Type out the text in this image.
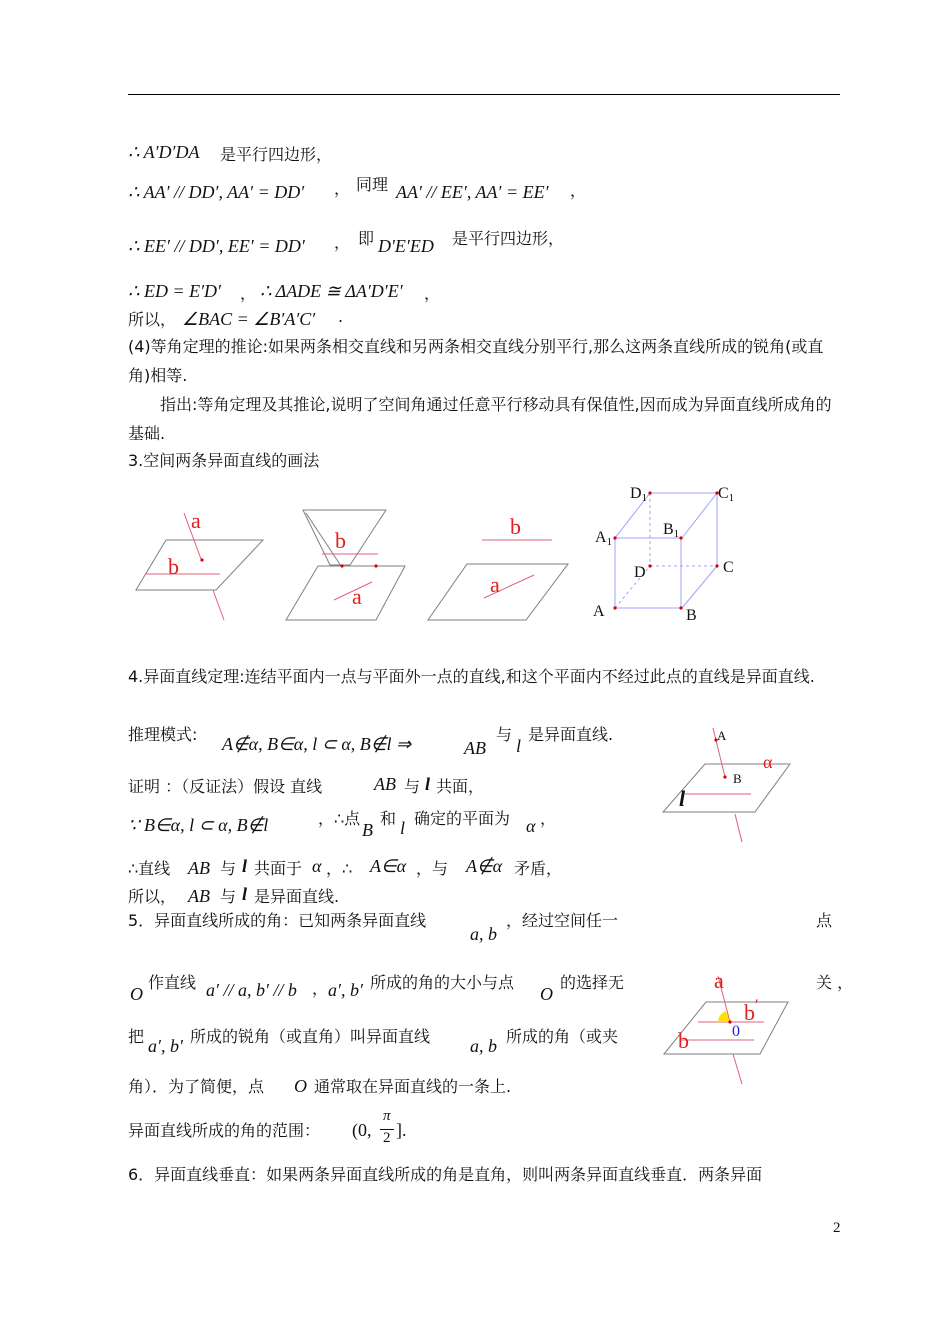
∴ A′D′DA 是平行四边形，
∴ AA′ // DD′, AA′ = DD′ ， 同理 AA′ // EE′, AA′ = EE′ ，
∴ EE′ // DD′, EE′ = DD′ ， 即 D′E′ED 是平行四边形，
∴ ED = E′D′ ， ∴ ΔADE ≅ ΔA′D′E′ ，
所以， ∠BAC = ∠B′A′C′ .
(4)等角定理的推论:如果两条相交直线和另两条相交直线分别平行,那么这两条直线所成的锐角(或直角)相等.
指出:等角定理及其推论,说明了空间角通过任意平行移动具有保值性,因而成为异面直线所成角的基础.
3.空间两条异面直线的画法
a
b
b
a
b
a
D1	C1
A1
B1
D	C
A	B
4.异面直线定理:连结平面内一点与平面外一点的直线,和这个平面内不经过此点的直线是异面直线.
推理模式: A∉α, B∈α, l ⊂ α, B∉l ⇒	AB
与
l
是异面直线.
证明 ：（反证法）假设 直线	AB 与 l 共面，
∵ B∈α, l ⊂ α, B∉l	，∴点
B
和 l 确定的平面为 α ，
∴直线 AB 与 l 共面于 α ，∴ A∈α ，与 A∉α 矛盾，
所以， AB 与 l 是异面直线.
A
B
α
l
5．异面直线所成的角：已知两条异面直线
a, b
，经过空间任一	点
O
作直线 a′ // a, b′ // b ， a′, b′ 所成的角的大小与点
O
的选择无	关 ，
把 a′, b′ 所成的锐角（或直角）叫异面直线 a, b 所成的角（或夹
角）．为了简便，点 O 通常取在异面直线的一条上.
异面直线所成的角的范围： (0,
π
2 ].
6．异面直线垂直：如果两条异面直线所成的角是直角，则叫两条异面直线垂直．两条异面
a
b′
0
b
2
